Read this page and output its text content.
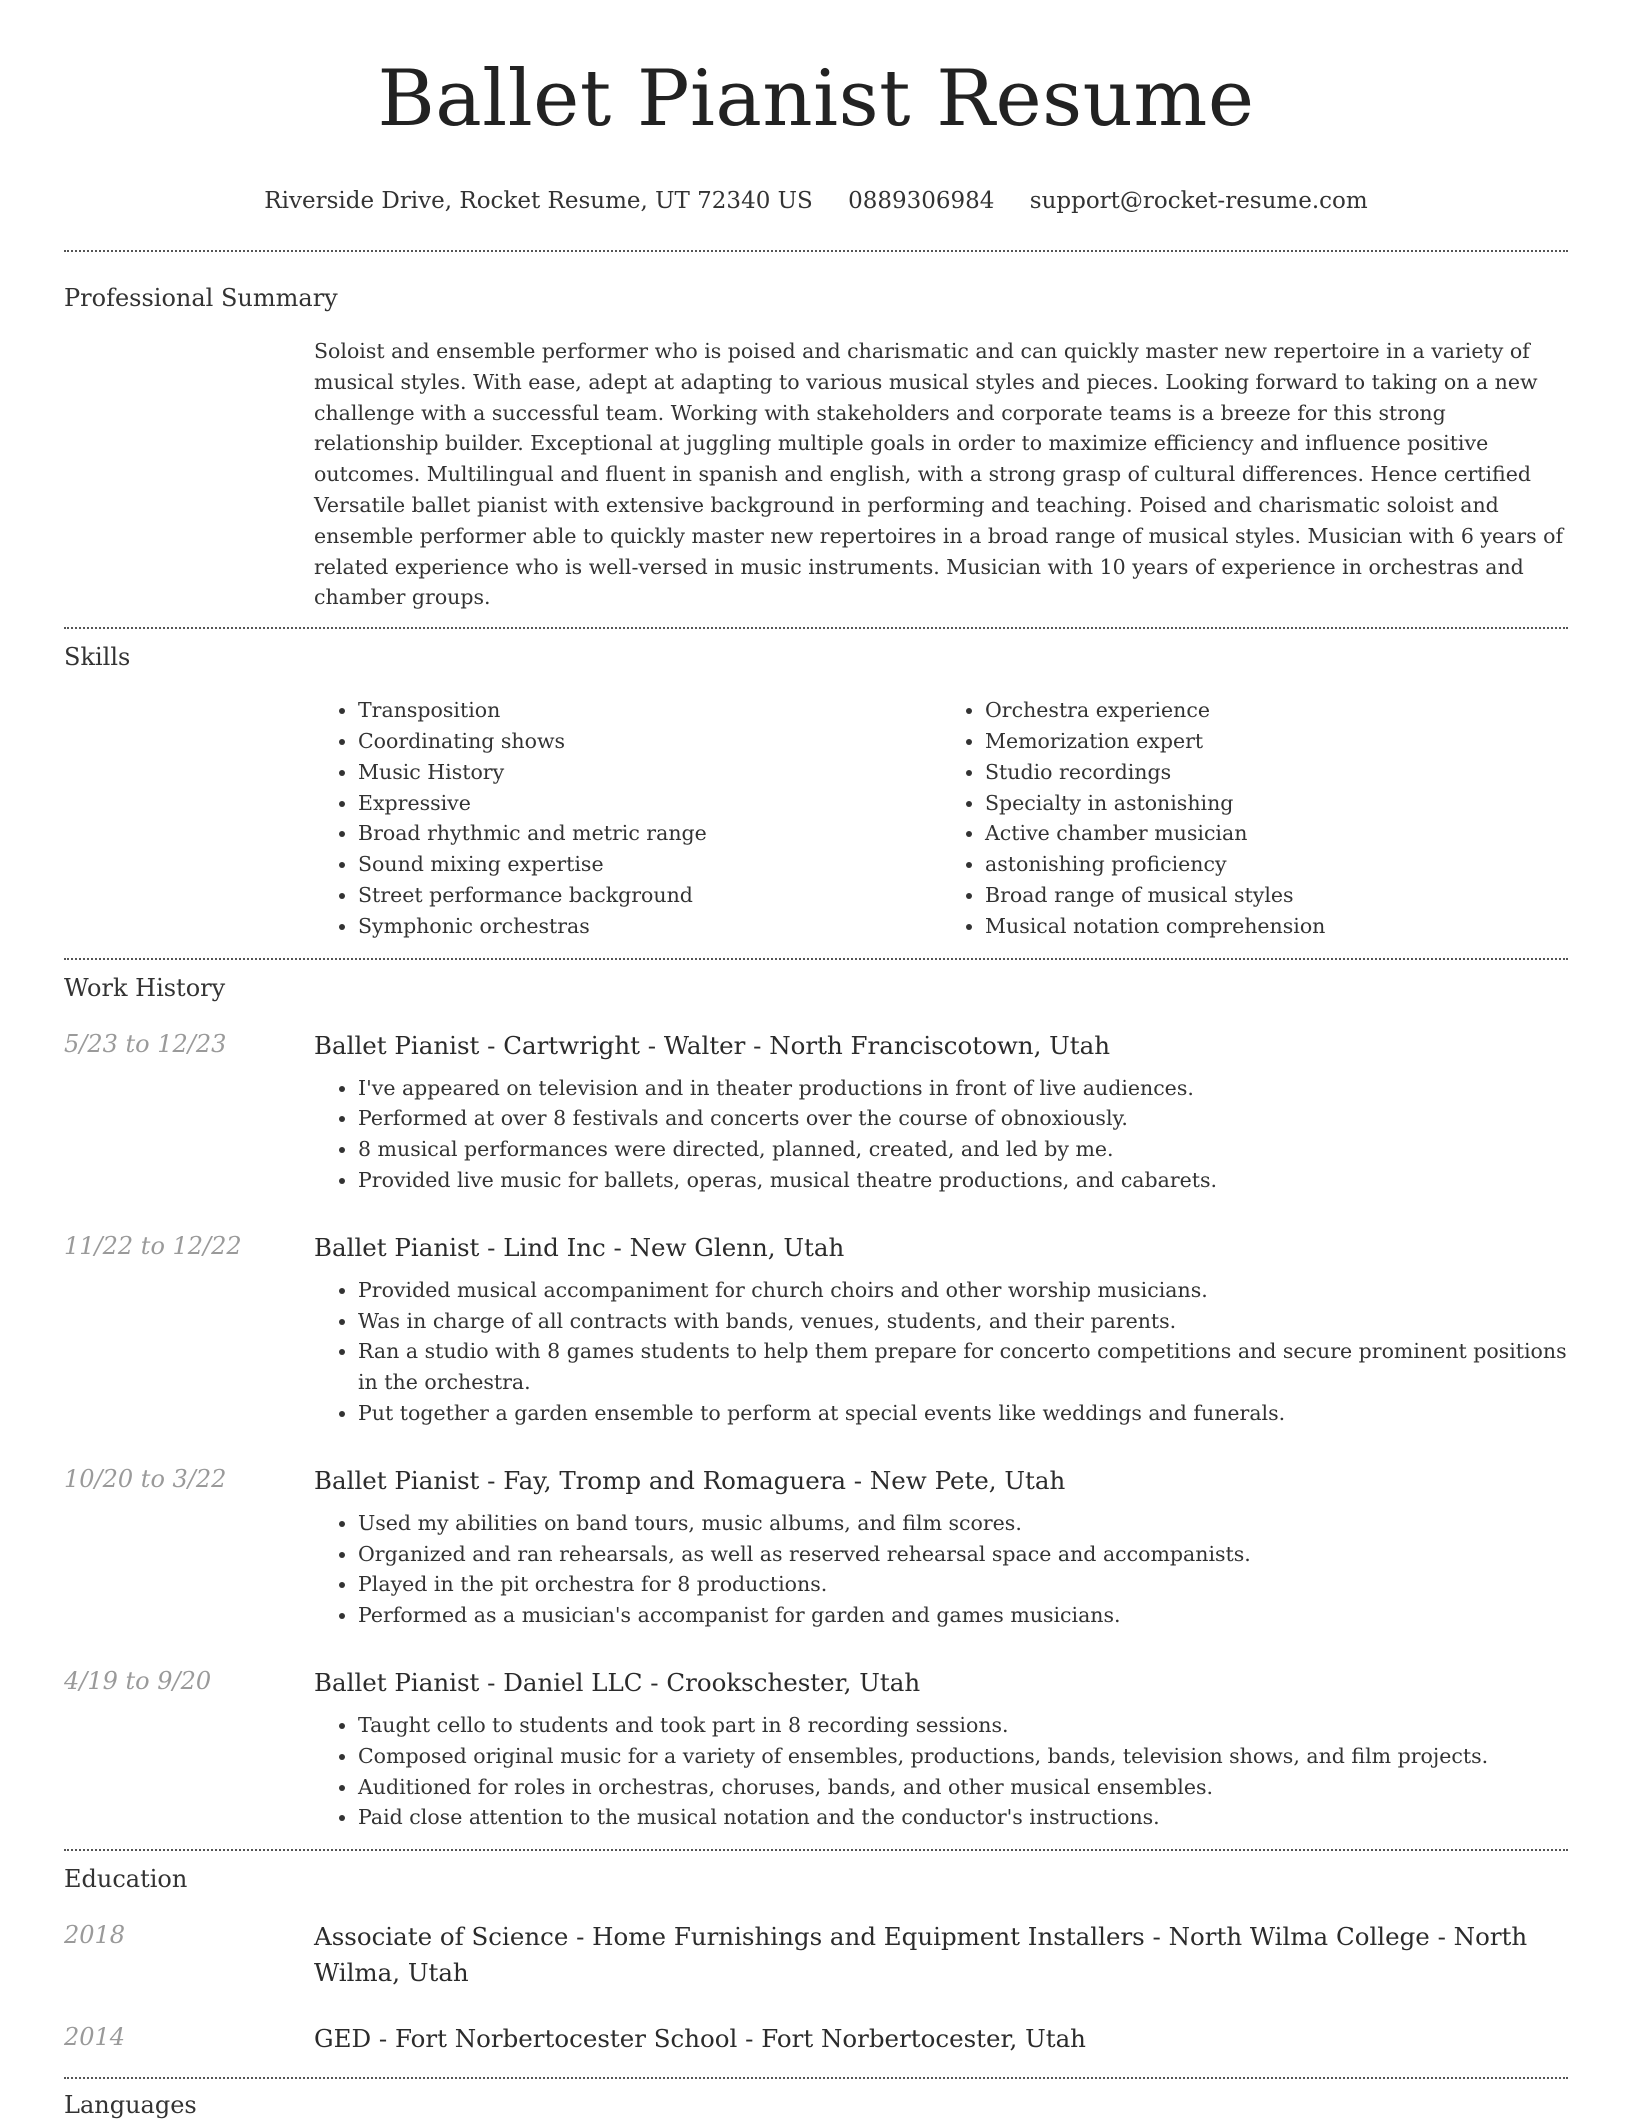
Ballet Pianist Resume
Riverside Drive, Rocket Resume, UT 72340 US 0889306984 support@rocket-resume.com
Professional Summary

Soloist and ensemble performer who is poised and charismatic and can quickly master new repertoire in a variety of musical styles. With ease, adept at adapting to various musical styles and pieces. Looking forward to taking on a new challenge with a successful team. Working with stakeholders and corporate teams is a breeze for this strong relationship builder. Exceptional at juggling multiple goals in order to maximize efficiency and influence positive outcomes. Multilingual and fluent in spanish and english, with a strong grasp of cultural differences. Hence certified Versatile ballet pianist with extensive background in performing and teaching. Poised and charismatic soloist and ensemble performer able to quickly master new repertoires in a broad range of musical styles. Musician with 6 years of related experience who is well-versed in music instruments. Musician with 10 years of experience in orchestras and chamber groups.

Skills
• Transposition
• Coordinating shows
• Music History
• Expressive
• Broad rhythmic and metric range
• Sound mixing expertise
• Street performance background
• Symphonic orchestras
• Orchestra experience
• Memorization expert
• Studio recordings
• Specialty in astonishing
• Active chamber musician
• astonishing proficiency
• Broad range of musical styles
• Musical notation comprehension
Work History
5/23 to 12/23	Ballet Pianist - Cartwright - Walter - North Franciscotown, Utah
• I've appeared on television and in theater productions in front of live audiences.
• Performed at over 8 festivals and concerts over the course of obnoxiously.
• 8 musical performances were directed, planned, created, and led by me.
• Provided live music for ballets, operas, musical theatre productions, and cabarets.
11/22 to 12/22	Ballet Pianist - Lind Inc - New Glenn, Utah
• Provided musical accompaniment for church choirs and other worship musicians.
• Was in charge of all contracts with bands, venues, students, and their parents.
• Ran a studio with 8 games students to help them prepare for concerto competitions and secure prominent positions in the orchestra.
• Put together a garden ensemble to perform at special events like weddings and funerals.
10/20 to 3/22	Ballet Pianist - Fay, Tromp and Romaguera - New Pete, Utah
• Used my abilities on band tours, music albums, and film scores.
• Organized and ran rehearsals, as well as reserved rehearsal space and accompanists.
• Played in the pit orchestra for 8 productions.
• Performed as a musician's accompanist for garden and games musicians.
4/19 to 9/20	Ballet Pianist - Daniel LLC - Crookschester, Utah
• Taught cello to students and took part in 8 recording sessions.
• Composed original music for a variety of ensembles, productions, bands, television shows, and film projects.
• Auditioned for roles in orchestras, choruses, bands, and other musical ensembles.
• Paid close attention to the musical notation and the conductor's instructions.
Education
2018	Associate of Science - Home Furnishings and Equipment Installers - North Wilma College - North Wilma, Utah
2014	GED - Fort Norbertocester School - Fort Norbertocester, Utah
Languages
